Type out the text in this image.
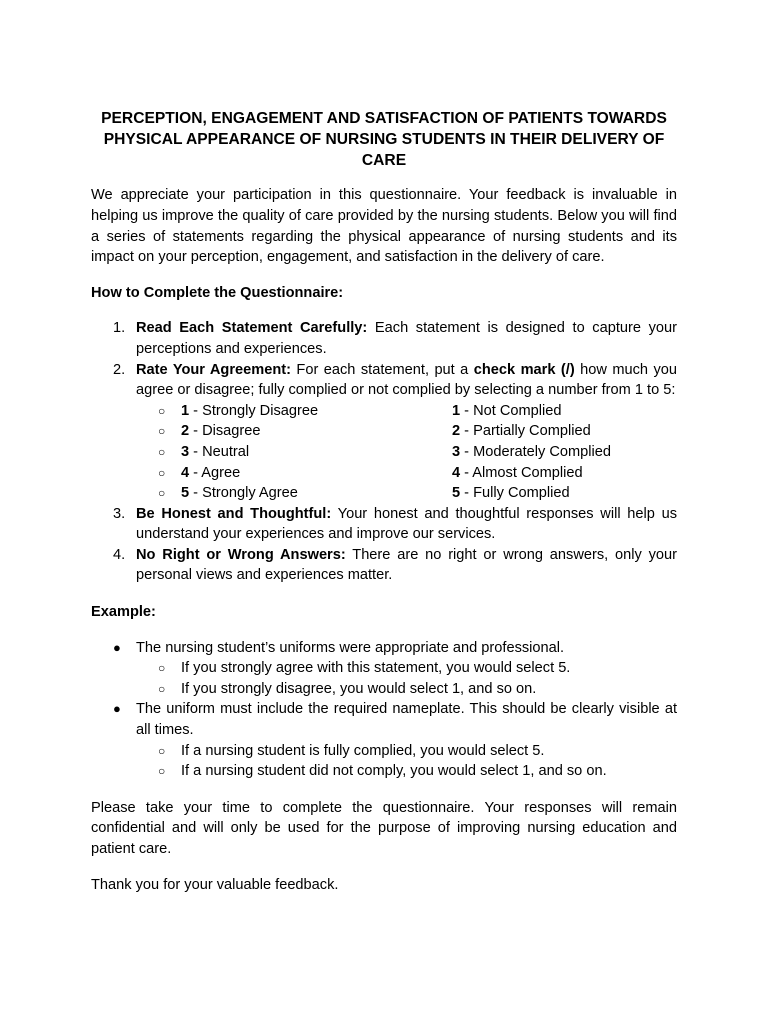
PERCEPTION, ENGAGEMENT AND SATISFACTION OF PATIENTS TOWARDS PHYSICAL APPEARANCE OF NURSING STUDENTS IN THEIR DELIVERY OF CARE

We appreciate your participation in this questionnaire. Your feedback is invaluable in helping us improve the quality of care provided by the nursing students. Below you will find a series of statements regarding the physical appearance of nursing students and its impact on your perception, engagement, and satisfaction in the delivery of care.

How to Complete the Questionnaire:

1. Read Each Statement Carefully: Each statement is designed to capture your perceptions and experiences.
2. Rate Your Agreement: For each statement, put a check mark (/) how much you agree or disagree; fully complied or not complied by selecting a number from 1 to 5:
○ 1 - Strongly Disagree	1 - Not Complied
○ 2 - Disagree	2 - Partially Complied
○ 3 - Neutral	3 - Moderately Complied
○ 4 - Agree	4 - Almost Complied
○ 5 - Strongly Agree	5 - Fully Complied
3. Be Honest and Thoughtful: Your honest and thoughtful responses will help us understand your experiences and improve our services.
4. No Right or Wrong Answers: There are no right or wrong answers, only your personal views and experiences matter.

Example:

● The nursing student’s uniforms were appropriate and professional.
○ If you strongly agree with this statement, you would select 5.
○ If you strongly disagree, you would select 1, and so on.
● The uniform must include the required nameplate. This should be clearly visible at all times.
○ If a nursing student is fully complied, you would select 5.
○ If a nursing student did not comply, you would select 1, and so on.

Please take your time to complete the questionnaire. Your responses will remain confidential and will only be used for the purpose of improving nursing education and patient care.

Thank you for your valuable feedback.
